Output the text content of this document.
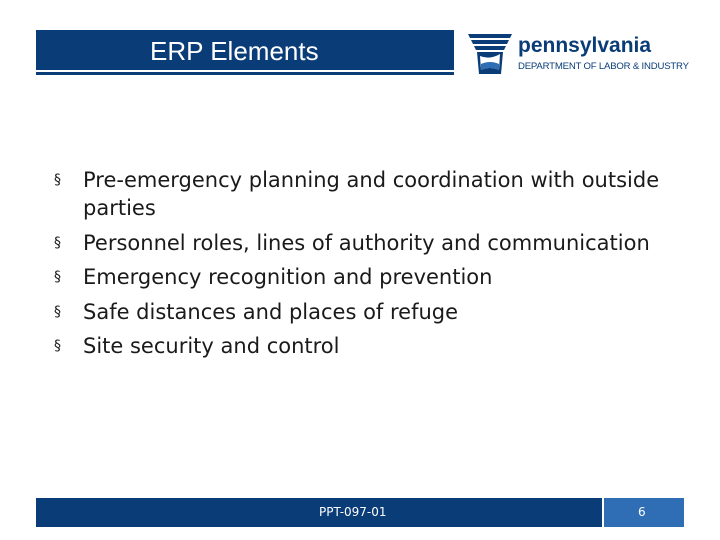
ERP Elements	pennsylvania
DEPARTMENT OF LABOR & INDUSTRY
§ Pre-emergency planning and coordination with outside parties
§ Personnel roles, lines of authority and communication
§ Emergency recognition and prevention
§ Safe distances and places of refuge
§ Site security and control
PPT-097-01	6
